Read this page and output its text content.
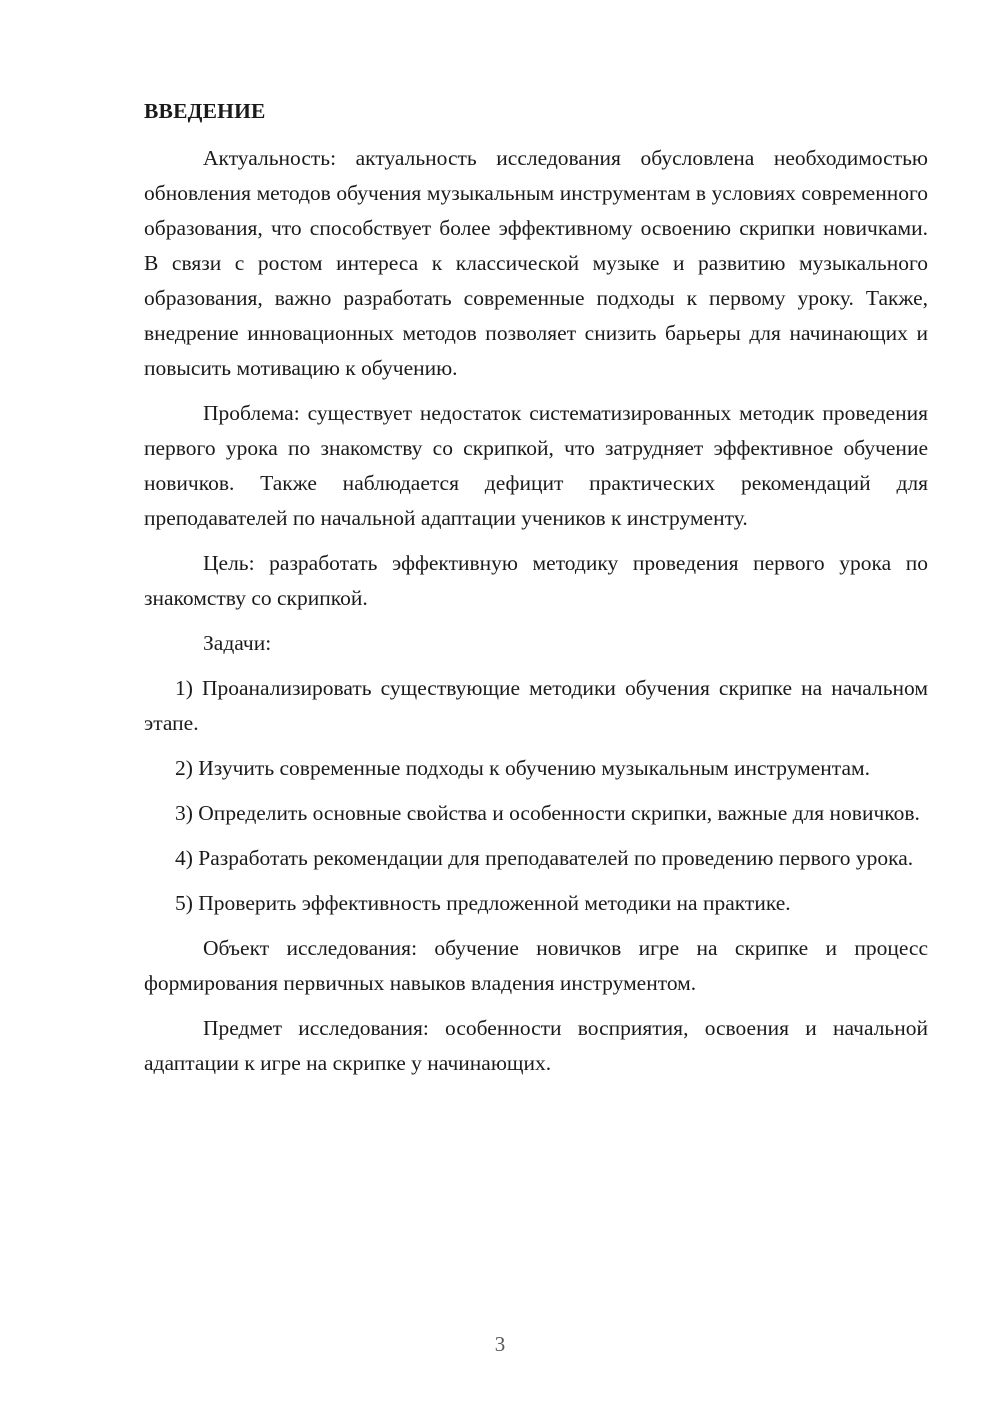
ВВЕДЕНИЕ

Актуальность: актуальность исследования обусловлена необходимостью обновления методов обучения музыкальным инструментам в условиях современного образования, что способствует более эффективному освоению скрипки новичками. В связи с ростом интереса к классической музыке и развитию музыкального образования, важно разработать современные подходы к первому уроку. Также, внедрение инновационных методов позволяет снизить барьеры для начинающих и повысить мотивацию к обучению.

Проблема: существует недостаток систематизированных методик проведения первого урока по знакомству со скрипкой, что затрудняет эффективное обучение новичков. Также наблюдается дефицит практических рекомендаций для преподавателей по начальной адаптации учеников к инструменту.

Цель: разработать эффективную методику проведения первого урока по знакомству со скрипкой.

Задачи:

1) Проанализировать существующие методики обучения скрипке на начальном этапе.

2) Изучить современные подходы к обучению музыкальным инструментам.

3) Определить основные свойства и особенности скрипки, важные для новичков.

4) Разработать рекомендации для преподавателей по проведению первого урока.

5) Проверить эффективность предложенной методики на практике.

Объект исследования: обучение новичков игре на скрипке и процесс формирования первичных навыков владения инструментом.

Предмет исследования: особенности восприятия, освоения и начальной адаптации к игре на скрипке у начинающих.

3
